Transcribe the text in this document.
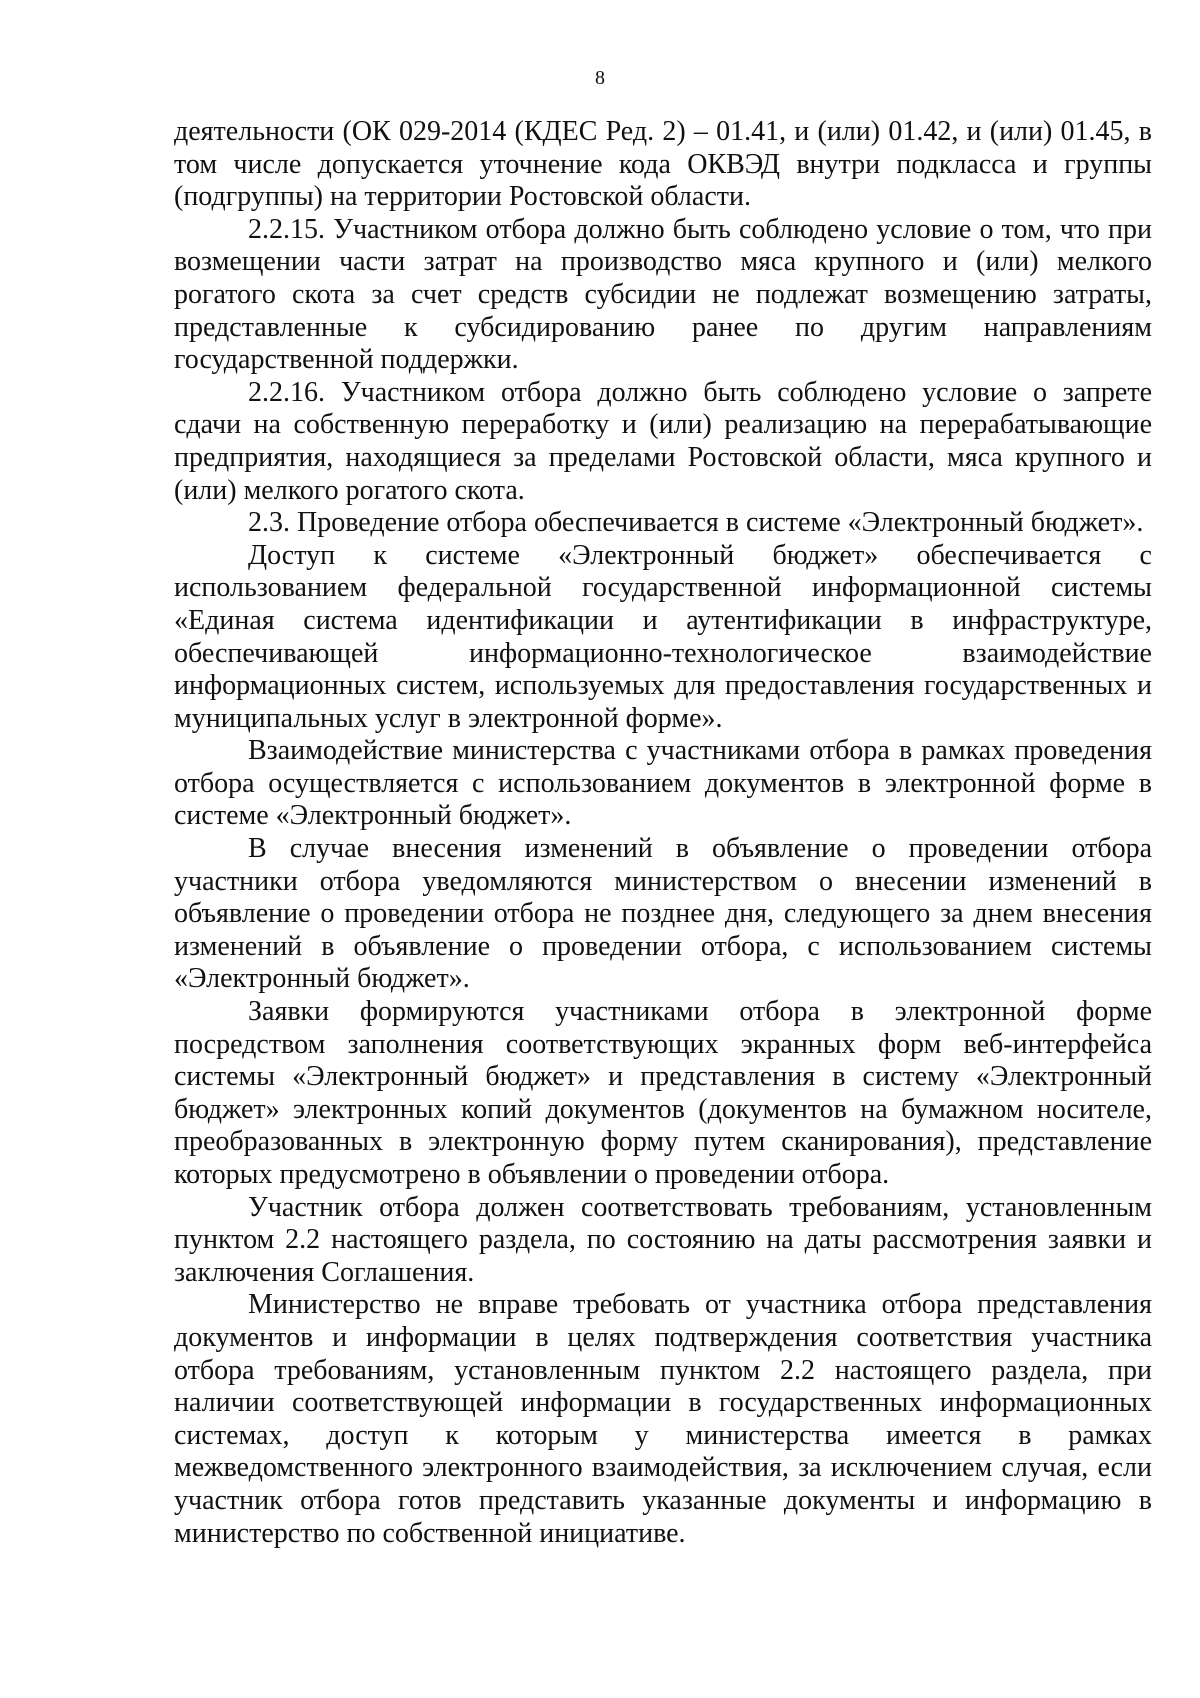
8

деятельности (ОК 029-2014 (КДЕС Ред. 2) – 01.41, и (или) 01.42, и (или) 01.45, в том числе допускается уточнение кода ОКВЭД внутри подкласса и группы (подгруппы) на территории Ростовской области.

2.2.15. Участником отбора должно быть соблюдено условие о том, что при возмещении части затрат на производство мяса крупного и (или) мелкого рогатого скота за счет средств субсидии не подлежат возмещению затраты, представленные к субсидированию ранее по другим направлениям государственной поддержки.

2.2.16. Участником отбора должно быть соблюдено условие о запрете сдачи на собственную переработку и (или) реализацию на перерабатывающие предприятия, находящиеся за пределами Ростовской области, мяса крупного и (или) мелкого рогатого скота.

2.3. Проведение отбора обеспечивается в системе «Электронный бюджет».

Доступ к системе «Электронный бюджет» обеспечивается с использованием федеральной государственной информационной системы «Единая система идентификации и аутентификации в инфраструктуре, обеспечивающей информационно-технологическое взаимодействие информационных систем, используемых для предоставления государственных и муниципальных услуг в электронной форме».

Взаимодействие министерства с участниками отбора в рамках проведения отбора осуществляется с использованием документов в электронной форме в системе «Электронный бюджет».

В случае внесения изменений в объявление о проведении отбора участники отбора уведомляются министерством о внесении изменений в объявление о проведении отбора не позднее дня, следующего за днем внесения изменений в объявление о проведении отбора, с использованием системы «Электронный бюджет».

Заявки формируются участниками отбора в электронной форме посредством заполнения соответствующих экранных форм веб-интерфейса системы «Электронный бюджет» и представления в систему «Электронный бюджет» электронных копий документов (документов на бумажном носителе, преобразованных в электронную форму путем сканирования), представление которых предусмотрено в объявлении о проведении отбора.

Участник отбора должен соответствовать требованиям, установленным пунктом 2.2 настоящего раздела, по состоянию на даты рассмотрения заявки и заключения Соглашения.

Министерство не вправе требовать от участника отбора представления документов и информации в целях подтверждения соответствия участника отбора требованиям, установленным пунктом 2.2 настоящего раздела, при наличии соответствующей информации в государственных информационных системах, доступ к которым у министерства имеется в рамках межведомственного электронного взаимодействия, за исключением случая, если участник отбора готов представить указанные документы и информацию в министерство по собственной инициативе.
